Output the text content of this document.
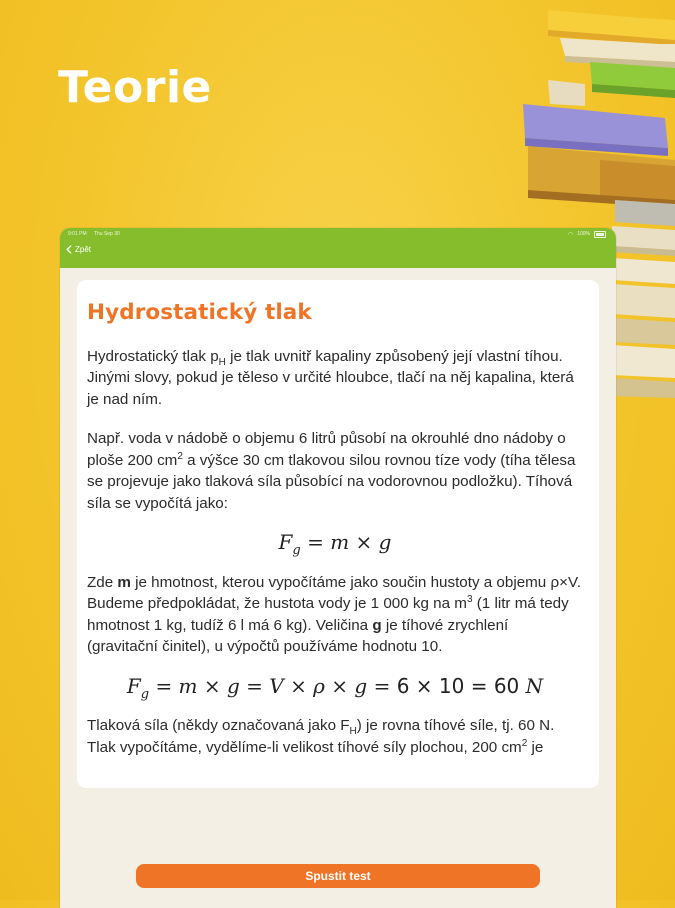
Teorie
9:01 PM Thu Sep 30	◠ 100%
Zpět
Hydrostatický tlak

Hydrostatický tlak $p_H$ je tlak uvnitř kapaliny způsobený její vlastní tíhou. Jinými slovy, pokud je těleso v určité hloubce, tlačí na něj kapalina, která je nad ním.

Např. voda v nádobě o objemu 6 litrů působí na okrouhlé dno nádoby o ploše 200 $cm^2$ a výšce 30 cm tlakovou silou rovnou tíze vody (tíha tělesa se projevuje jako tlaková síla působící na vodorovnou podložku). Tíhová síla se vypočítá jako:

$F_g = m \times g$

Zde m je hmotnost, kterou vypočítáme jako součin hustoty a objemu ρ×V. Budeme předpokládat, že hustota vody je 1 000 kg na $m^3$ (1 litr má tedy hmotnost 1 kg, tudíž 6 l má 6 kg). Veličina g je tíhové zrychlení (gravitační činitel), u výpočtů používáme hodnotu 10.

$F_g = m \times g = V \times \rho \times g = 6 \times 10 = 60$ N

Tlaková síla (někdy označovaná jako $F_H$) je rovna tíhové síle, tj. 60 N. Tlak vypočítáme, vydělíme-li velikost tíhové síly plochou, 200 $cm^2$ je

Spustit test
